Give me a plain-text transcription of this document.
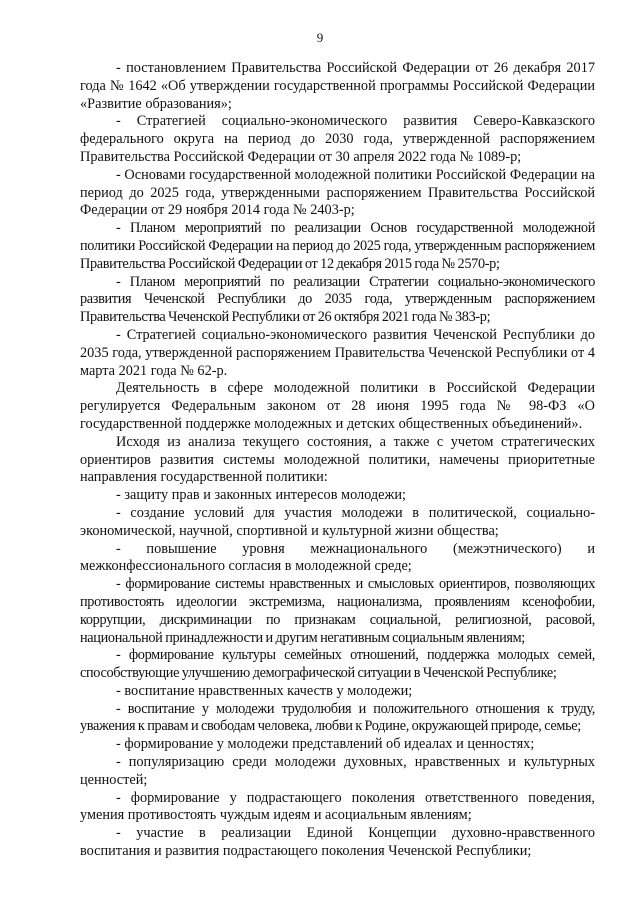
9

- постановлением Правительства Российской Федерации от 26 декабря 2017 года № 1642 «Об утверждении государственной программы Российской Федерации «Развитие образования»;

- Стратегией социально-экономического развития Северо-Кавказского федерального округа на период до 2030 года, утвержденной распоряжением Правительства Российской Федерации от 30 апреля 2022 года № 1089-р;

- Основами государственной молодежной политики Российской Федерации на период до 2025 года, утвержденными распоряжением Правительства Российской Федерации от 29 ноября 2014 года № 2403-р;

- Планом мероприятий по реализации Основ государственной молодежной политики Российской Федерации на период до 2025 года, утвержденным распоряжением Правительства Российской Федерации от 12 декабря 2015 года № 2570-р;

- Планом мероприятий по реализации Стратегии социально-экономического развития Чеченской Республики до 2035 года, утвержденным распоряжением Правительства Чеченской Республики от 26 октября 2021 года № 383-р;

- Стратегией социально-экономического развития Чеченской Республики до 2035 года, утвержденной распоряжением Правительства Чеченской Республики от 4 марта 2021 года № 62-р.

Деятельность в сфере молодежной политики в Российской Федерации регулируется Федеральным законом от 28 июня 1995 года № 98-ФЗ «О государственной поддержке молодежных и детских общественных объединений».

Исходя из анализа текущего состояния, а также с учетом стратегических ориентиров развития системы молодежной политики, намечены приоритетные направления государственной политики:

- защиту прав и законных интересов молодежи;

- создание условий для участия молодежи в политической, социально-экономической, научной, спортивной и культурной жизни общества;

- повышение уровня межнационального (межэтнического) и межконфессионального согласия в молодежной среде;

- формирование системы нравственных и смысловых ориентиров, позволяющих противостоять идеологии экстремизма, национализма, проявлениям ксенофобии, коррупции, дискриминации по признакам социальной, религиозной, расовой, национальной принадлежности и другим негативным социальным явлениям;

- формирование культуры семейных отношений, поддержка молодых семей, способствующие улучшению демографической ситуации в Чеченской Республике;

- воспитание нравственных качеств у молодежи;

- воспитание у молодежи трудолюбия и положительного отношения к труду, уважения к правам и свободам человека, любви к Родине, окружающей природе, семье;

- формирование у молодежи представлений об идеалах и ценностях;

- популяризацию среди молодежи духовных, нравственных и культурных ценностей;

- формирование у подрастающего поколения ответственного поведения, умения противостоять чуждым идеям и асоциальным явлениям;

- участие в реализации Единой Концепции духовно-нравственного воспитания и развития подрастающего поколения Чеченской Республики;
